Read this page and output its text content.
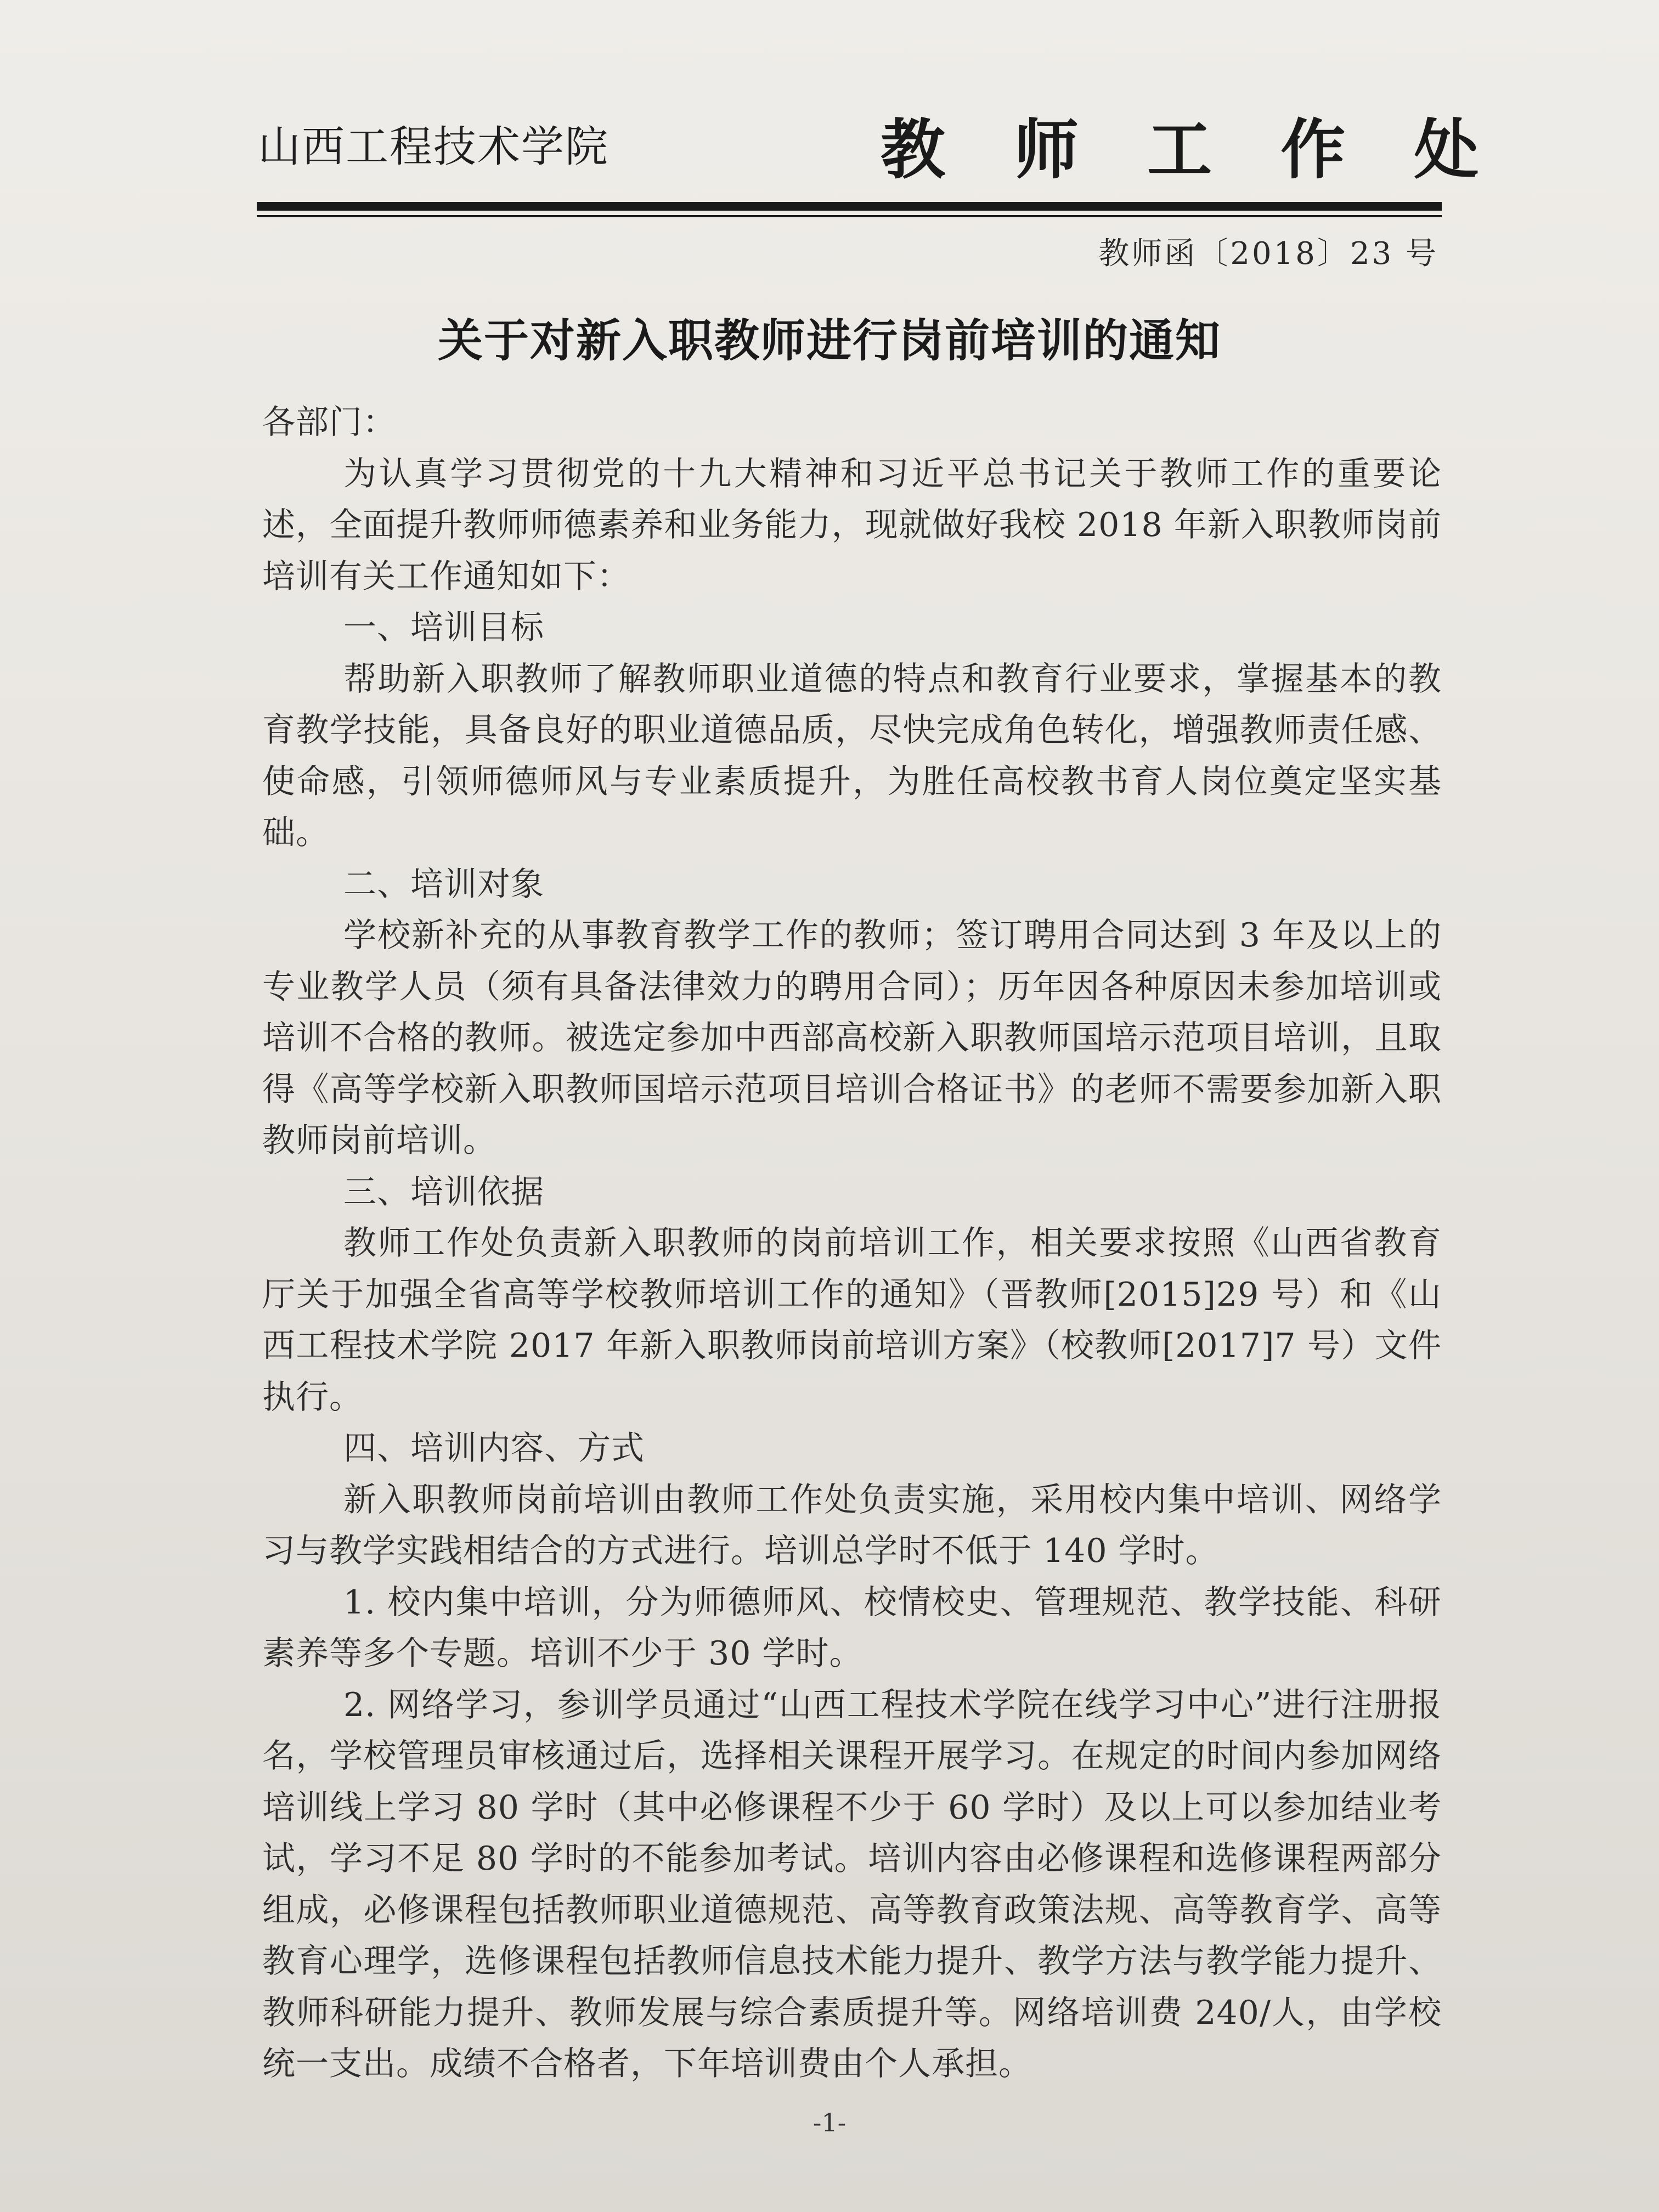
山西工程技术学院	教 师 工 作 处
教师函〔2018〕23 号
关于对新入职教师进行岗前培训的通知

各部门：

为认真学习贯彻党的十九大精神和习近平总书记关于教师工作的重要论述，全面提升教师师德素养和业务能力，现就做好我校 2018 年新入职教师岗前培训有关工作通知如下：

一、培训目标

帮助新入职教师了解教师职业道德的特点和教育行业要求，掌握基本的教育教学技能，具备良好的职业道德品质，尽快完成角色转化，增强教师责任感、使命感，引领师德师风与专业素质提升，为胜任高校教书育人岗位奠定坚实基础。

二、培训对象

学校新补充的从事教育教学工作的教师；签订聘用合同达到 3 年及以上的专业教学人员（须有具备法律效力的聘用合同）；历年因各种原因未参加培训或培训不合格的教师。被选定参加中西部高校新入职教师国培示范项目培训，且取得《高等学校新入职教师国培示范项目培训合格证书》的老师不需要参加新入职教师岗前培训。

三、培训依据

教师工作处负责新入职教师的岗前培训工作，相关要求按照《山西省教育厅关于加强全省高等学校教师培训工作的通知》（晋教师[2015]29 号）和《山西工程技术学院 2017 年新入职教师岗前培训方案》（校教师[2017]7 号）文件执行。

四、培训内容、方式

新入职教师岗前培训由教师工作处负责实施，采用校内集中培训、网络学习与教学实践相结合的方式进行。培训总学时不低于 140 学时。

1. 校内集中培训，分为师德师风、校情校史、管理规范、教学技能、科研素养等多个专题。培训不少于 30 学时。

2. 网络学习，参训学员通过“山西工程技术学院在线学习中心”进行注册报名，学校管理员审核通过后，选择相关课程开展学习。在规定的时间内参加网络培训线上学习 80 学时（其中必修课程不少于 60 学时）及以上可以参加结业考试，学习不足 80 学时的不能参加考试。培训内容由必修课程和选修课程两部分组成，必修课程包括教师职业道德规范、高等教育政策法规、高等教育学、高等教育心理学，选修课程包括教师信息技术能力提升、教学方法与教学能力提升、教师科研能力提升、教师发展与综合素质提升等。网络培训费 240/人，由学校统一支出。成绩不合格者，下年培训费由个人承担。

-1-
